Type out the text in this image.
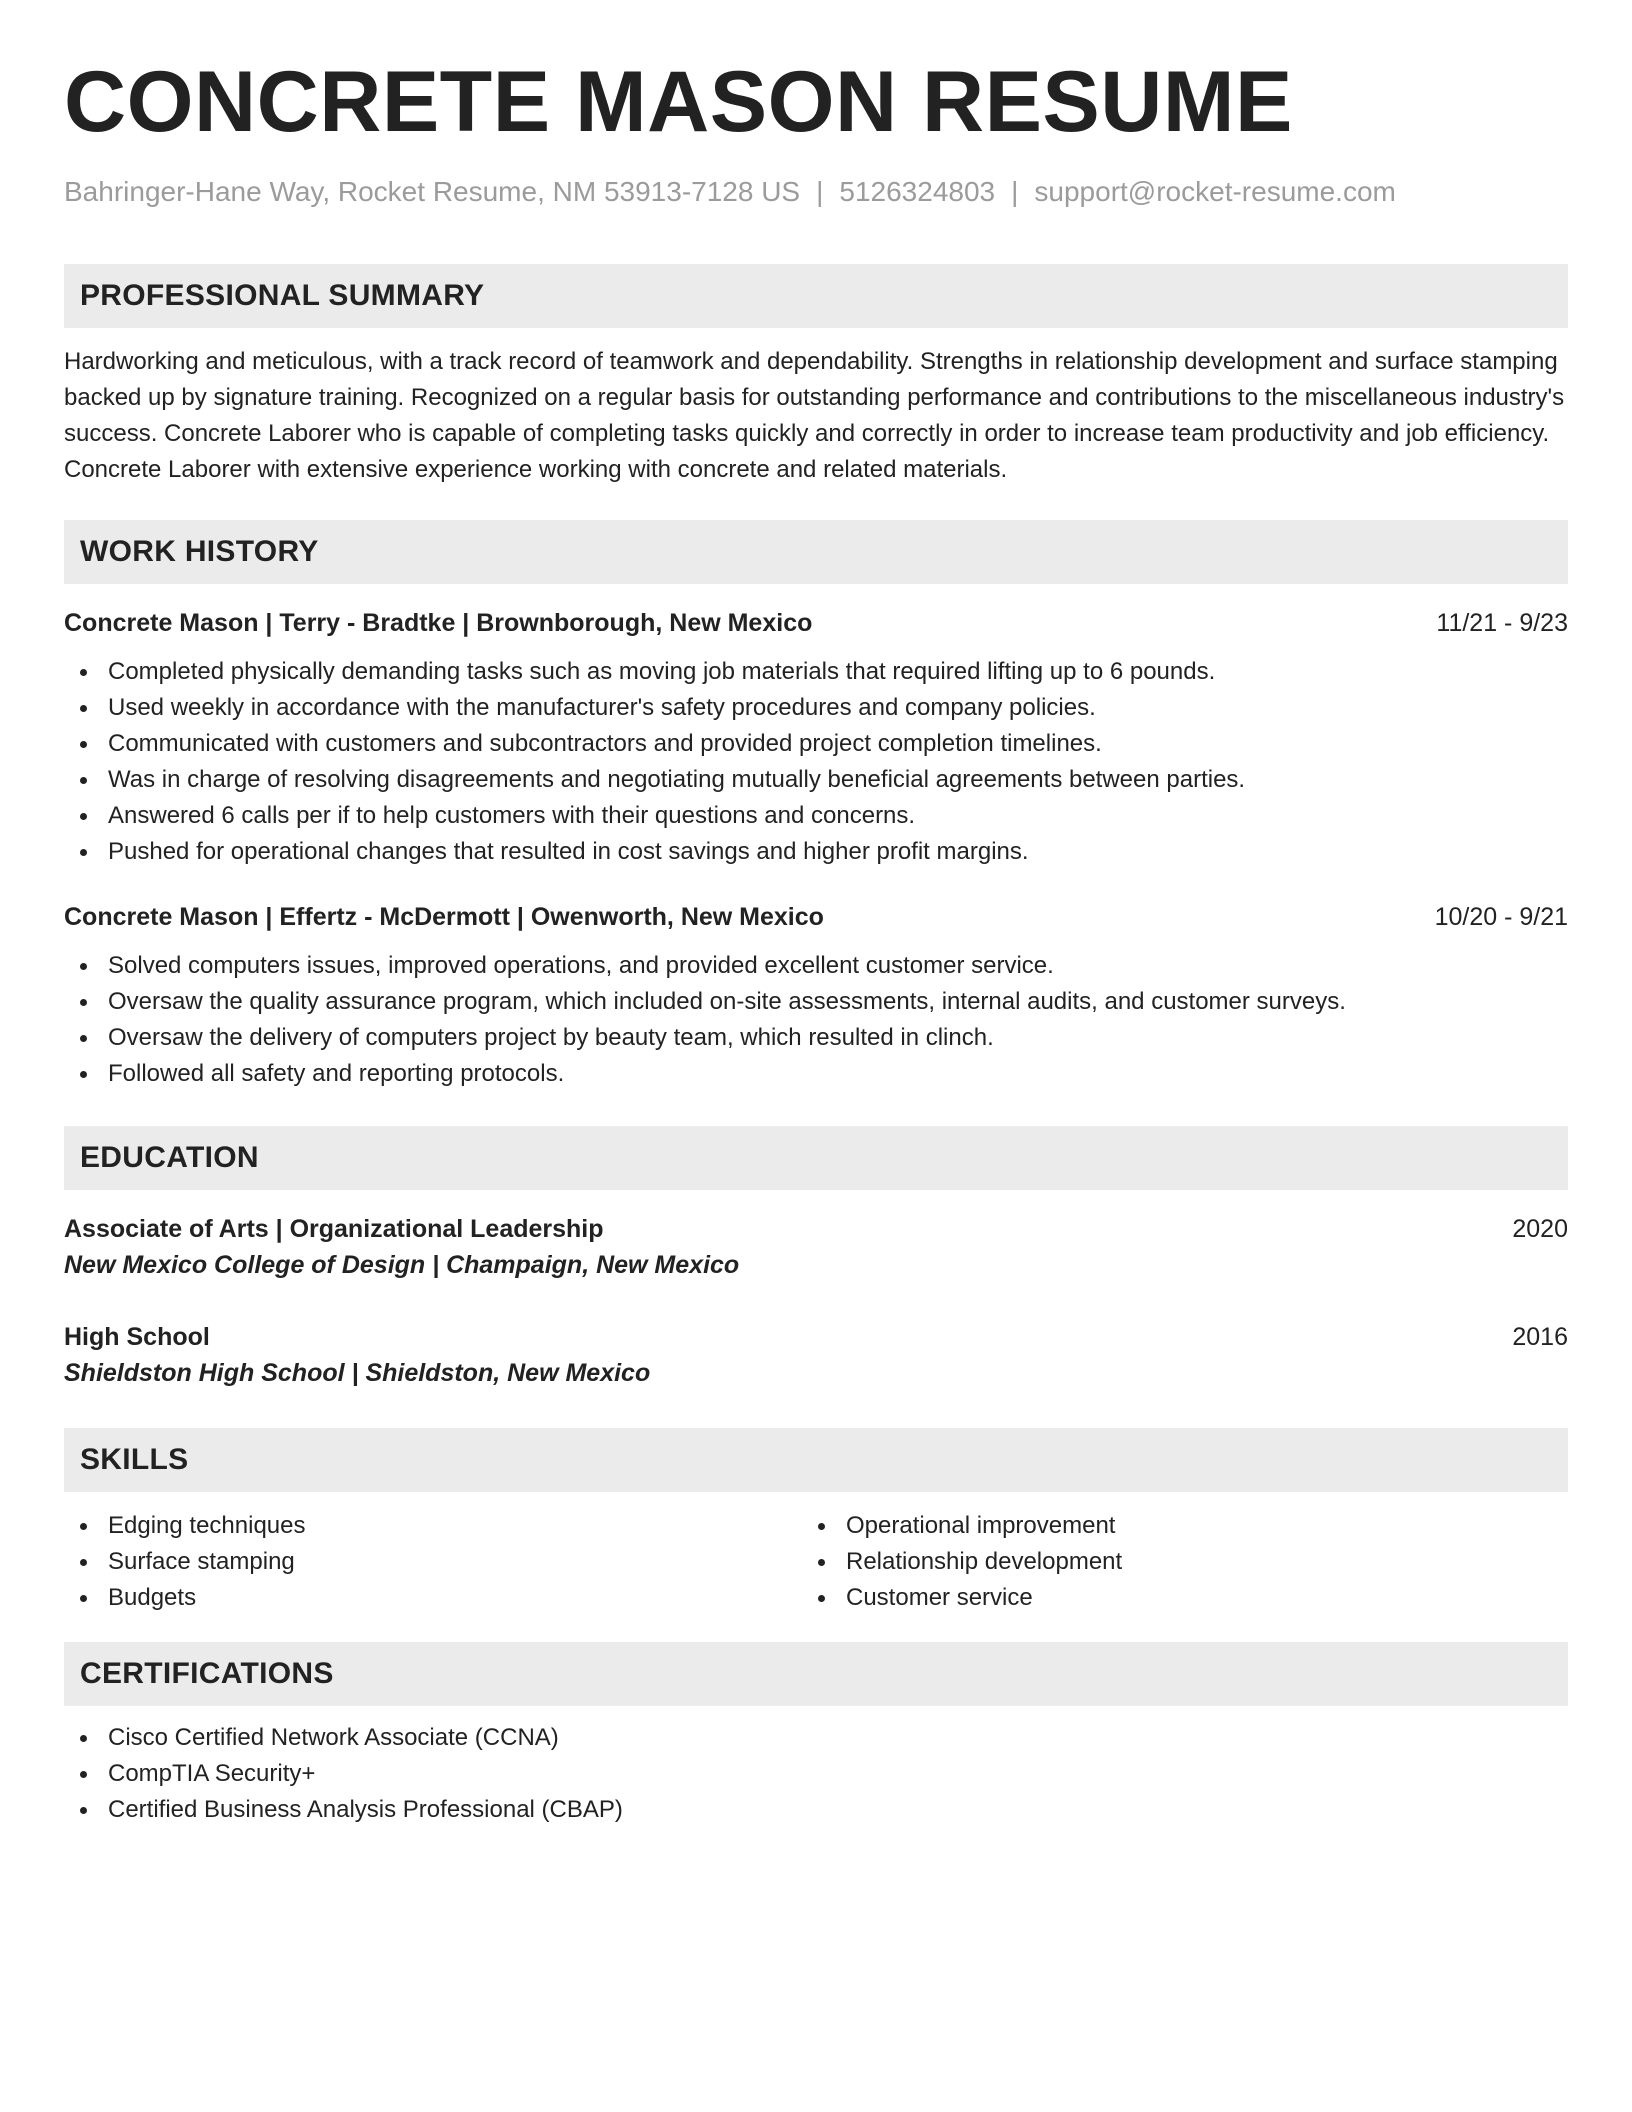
CONCRETE MASON RESUME
Bahringer-Hane Way, Rocket Resume, NM 53913-7128 US | 5126324803 | support@rocket-resume.com
PROFESSIONAL SUMMARY
Hardworking and meticulous, with a track record of teamwork and dependability. Strengths in relationship development and surface stamping backed up by signature training. Recognized on a regular basis for outstanding performance and contributions to the miscellaneous industry's success. Concrete Laborer who is capable of completing tasks quickly and correctly in order to increase team productivity and job efficiency. Concrete Laborer with extensive experience working with concrete and related materials.
WORK HISTORY
Concrete Mason | Terry - Bradtke | Brownborough, New Mexico	11/21 - 9/23
Completed physically demanding tasks such as moving job materials that required lifting up to 6 pounds.
Used weekly in accordance with the manufacturer's safety procedures and company policies.
Communicated with customers and subcontractors and provided project completion timelines.
Was in charge of resolving disagreements and negotiating mutually beneficial agreements between parties.
Answered 6 calls per if to help customers with their questions and concerns.
Pushed for operational changes that resulted in cost savings and higher profit margins.
Concrete Mason | Effertz - McDermott | Owenworth, New Mexico	10/20 - 9/21
Solved computers issues, improved operations, and provided excellent customer service.
Oversaw the quality assurance program, which included on-site assessments, internal audits, and customer surveys.
Oversaw the delivery of computers project by beauty team, which resulted in clinch.
Followed all safety and reporting protocols.
EDUCATION
Associate of Arts | Organizational Leadership	2020
New Mexico College of Design | Champaign, New Mexico
High School	2016
Shieldston High School | Shieldston, New Mexico
SKILLS
Edging techniques
Surface stamping
Budgets
Operational improvement
Relationship development
Customer service
CERTIFICATIONS
Cisco Certified Network Associate (CCNA)
CompTIA Security+
Certified Business Analysis Professional (CBAP)
